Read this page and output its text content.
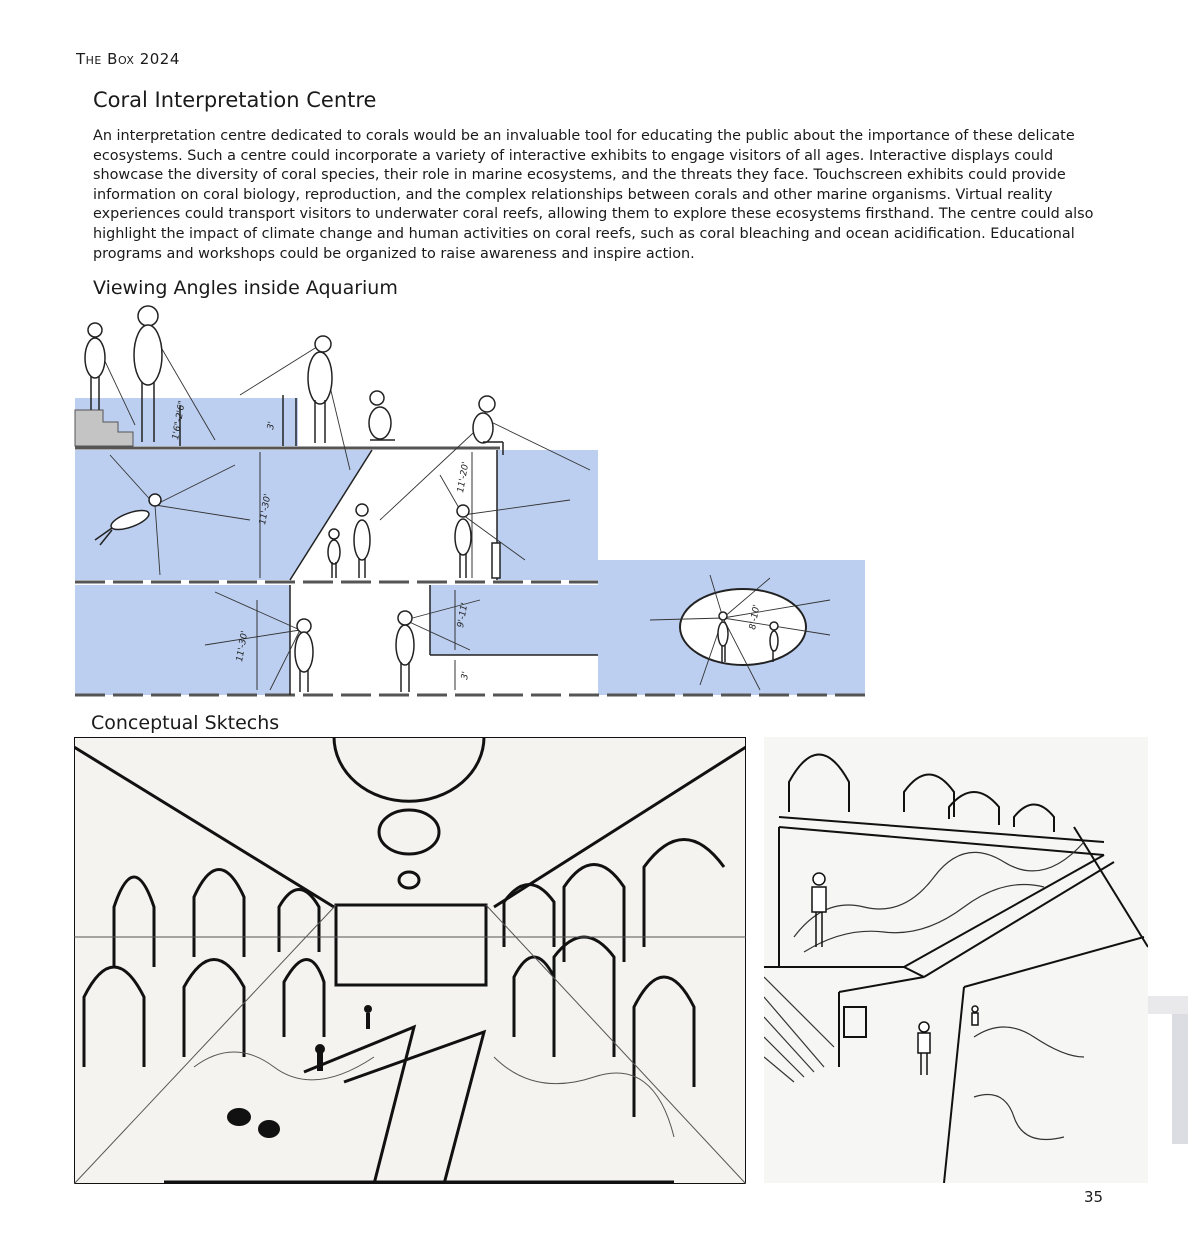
The Box 2024
Coral Interpretation Centre
An interpretation centre dedicated to corals would be an invaluable tool for educating the public about the importance of these delicate ecosystems. Such a centre could incorporate a variety of interactive exhibits to engage visitors of all ages. Interactive displays could showcase the diversity of coral species, their role in marine ecosystems, and the threats they face. Touchscreen exhibits could provide information on coral biology, reproduction, and the complex relationships between corals and other marine organisms. Virtual reality experiences could transport visitors to underwater coral reefs, allowing them to explore these ecosystems firsthand. The centre could also highlight the impact of climate change and human activities on coral reefs, such as coral bleaching and ocean acidification. Educational programs and workshops could be organized to raise awareness and inspire action.
Viewing Angles inside Aquarium
1'6"-2'6"	3'
11'-20'
11'-30'
9'-11'
11'-30'
3'
8'-10'
Conceptual Sktechs
35
